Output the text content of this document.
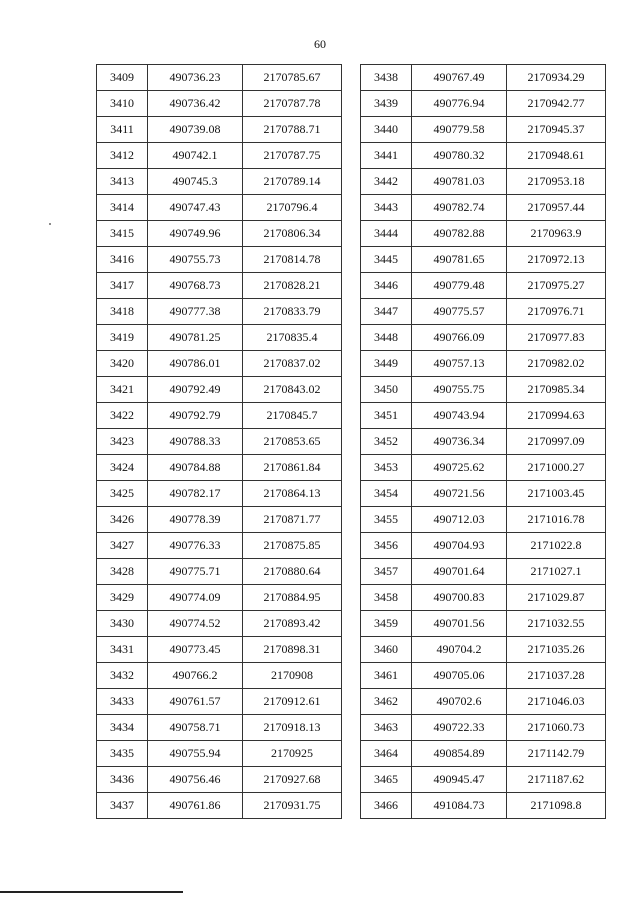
60
3409	490736.23	2170785.67
3410	490736.42	2170787.78
3411	490739.08	2170788.71
3412	490742.1	2170787.75
3413	490745.3	2170789.14
3414	490747.43	2170796.4
3415	490749.96	2170806.34
3416	490755.73	2170814.78
3417	490768.73	2170828.21
3418	490777.38	2170833.79
3419	490781.25	2170835.4
3420	490786.01	2170837.02
3421	490792.49	2170843.02
3422	490792.79	2170845.7
3423	490788.33	2170853.65
3424	490784.88	2170861.84
3425	490782.17	2170864.13
3426	490778.39	2170871.77
3427	490776.33	2170875.85
3428	490775.71	2170880.64
3429	490774.09	2170884.95
3430	490774.52	2170893.42
3431	490773.45	2170898.31
3432	490766.2	2170908
3433	490761.57	2170912.61
3434	490758.71	2170918.13
3435	490755.94	2170925
3436	490756.46	2170927.68
3437	490761.86	2170931.75
3438	490767.49	2170934.29
3439	490776.94	2170942.77
3440	490779.58	2170945.37
3441	490780.32	2170948.61
3442	490781.03	2170953.18
3443	490782.74	2170957.44
3444	490782.88	2170963.9
3445	490781.65	2170972.13
3446	490779.48	2170975.27
3447	490775.57	2170976.71
3448	490766.09	2170977.83
3449	490757.13	2170982.02
3450	490755.75	2170985.34
3451	490743.94	2170994.63
3452	490736.34	2170997.09
3453	490725.62	2171000.27
3454	490721.56	2171003.45
3455	490712.03	2171016.78
3456	490704.93	2171022.8
3457	490701.64	2171027.1
3458	490700.83	2171029.87
3459	490701.56	2171032.55
3460	490704.2	2171035.26
3461	490705.06	2171037.28
3462	490702.6	2171046.03
3463	490722.33	2171060.73
3464	490854.89	2171142.79
3465	490945.47	2171187.62
3466	491084.73	2171098.8
